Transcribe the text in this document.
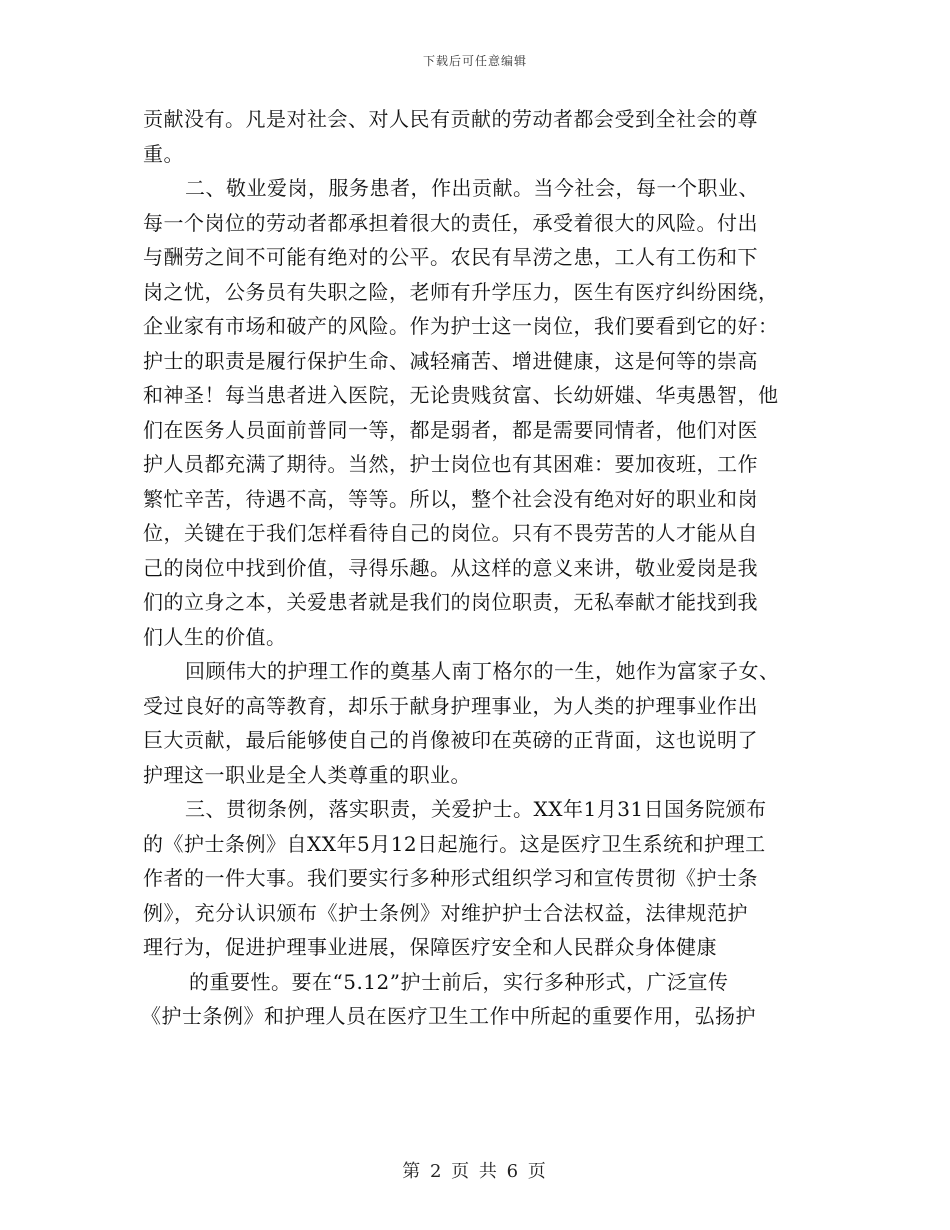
下载后可任意编辑
贡献没有。凡是对社会、对人民有贡献的劳动者都会受到全社会的尊
重。
二、敬业爱岗，服务患者，作出贡献。当今社会，每一个职业、
每一个岗位的劳动者都承担着很大的责任，承受着很大的风险。付出
与酬劳之间不可能有绝对的公平。农民有旱涝之患，工人有工伤和下
岗之忧，公务员有失职之险，老师有升学压力，医生有医疗纠纷困绕，
企业家有市场和破产的风险。作为护士这一岗位，我们要看到它的好：
护士的职责是履行保护生命、减轻痛苦、增进健康，这是何等的崇高
和神圣！每当患者进入医院，无论贵贱贫富、长幼妍媸、华夷愚智，他
们在医务人员面前普同一等，都是弱者，都是需要同情者，他们对医
护人员都充满了期待。当然，护士岗位也有其困难：要加夜班，工作
繁忙辛苦，待遇不高，等等。所以，整个社会没有绝对好的职业和岗
位，关键在于我们怎样看待自己的岗位。只有不畏劳苦的人才能从自
己的岗位中找到价值，寻得乐趣。从这样的意义来讲，敬业爱岗是我
们的立身之本，关爱患者就是我们的岗位职责，无私奉献才能找到我
们人生的价值。
回顾伟大的护理工作的奠基人南丁格尔的一生，她作为富家子女、
受过良好的高等教育，却乐于献身护理事业，为人类的护理事业作出
巨大贡献，最后能够使自己的肖像被印在英磅的正背面，这也说明了
护理这一职业是全人类尊重的职业。
三、贯彻条例，落实职责，关爱护士。XX年1月31日国务院颁布
的《护士条例》自XX年5月12日起施行。这是医疗卫生系统和护理工
作者的一件大事。我们要实行多种形式组织学习和宣传贯彻《护士条
例》，充分认识颁布《护士条例》对维护护士合法权益，法律规范护
理行为，促进护理事业进展，保障医疗安全和人民群众身体健康
的重要性。要在“5.12”护士前后，实行多种形式，广泛宣传
《护士条例》和护理人员在医疗卫生工作中所起的重要作用，弘扬护
第 2 页 共 6 页
